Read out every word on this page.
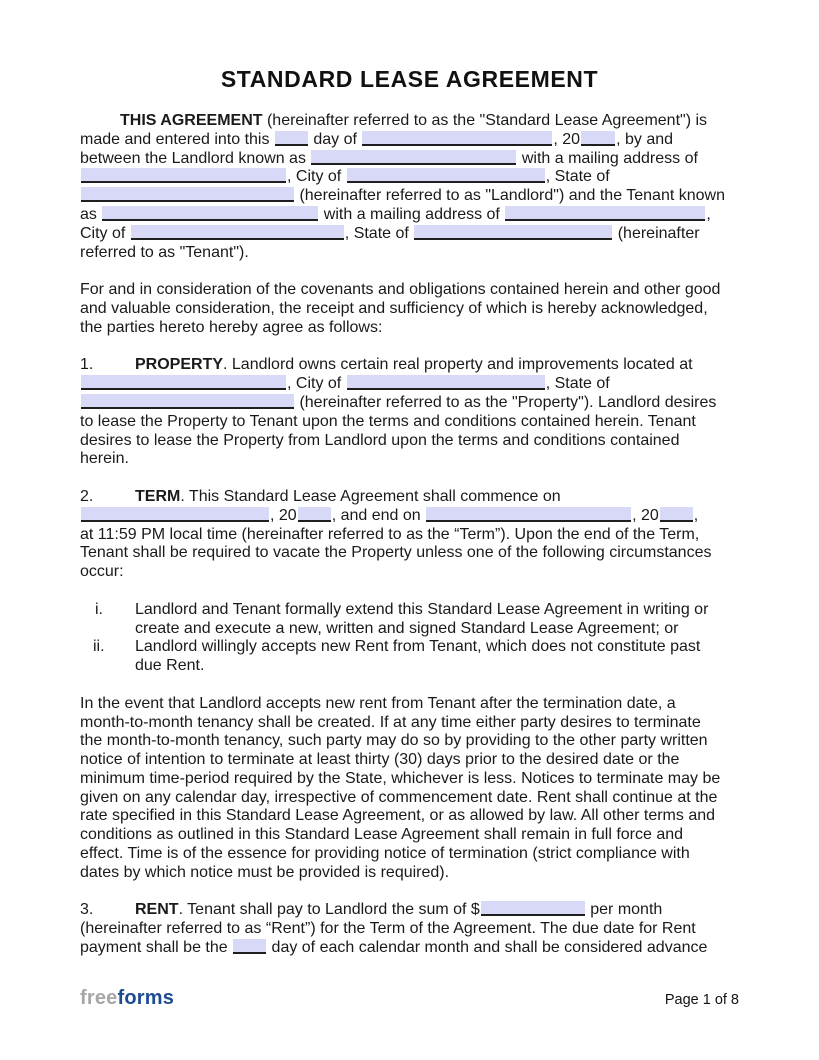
STANDARD LEASE AGREEMENT
THIS AGREEMENT (hereinafter referred to as the "Standard Lease Agreement") is
made and entered into this  day of	, 20 , by and
between the Landlord known as	with a mailing address of
, City of	, State of
(hereinafter referred to as "Landlord") and the Tenant known
as	with a mailing address of	,
City of	, State of	(hereinafter
referred to as "Tenant").
For and in consideration of the covenants and obligations contained herein and other good
and valuable consideration, the receipt and sufficiency of which is hereby acknowledged,
the parties hereto hereby agree as follows:
1.	PROPERTY. Landlord owns certain real property and improvements located at
, City of	, State of
(hereinafter referred to as the "Property"). Landlord desires
to lease the Property to Tenant upon the terms and conditions contained herein. Tenant
desires to lease the Property from Landlord upon the terms and conditions contained
herein.
2.	TERM. This Standard Lease Agreement shall commence on
, 20 , and end on	, 20 ,
at 11:59 PM local time (hereinafter referred to as the “Term”). Upon the end of the Term,
Tenant shall be required to vacate the Property unless one of the following circumstances
occur:
i. Landlord and Tenant formally extend this Standard Lease Agreement in writing or
create and execute a new, written and signed Standard Lease Agreement; or
ii. Landlord willingly accepts new Rent from Tenant, which does not constitute past
due Rent.
In the event that Landlord accepts new rent from Tenant after the termination date, a
month-to-month tenancy shall be created. If at any time either party desires to terminate
the month-to-month tenancy, such party may do so by providing to the other party written
notice of intention to terminate at least thirty (30) days prior to the desired date or the
minimum time-period required by the State, whichever is less. Notices to terminate may be
given on any calendar day, irrespective of commencement date. Rent shall continue at the
rate specified in this Standard Lease Agreement, or as allowed by law. All other terms and
conditions as outlined in this Standard Lease Agreement shall remain in full force and
effect. Time is of the essence for providing notice of termination (strict compliance with
dates by which notice must be provided is required).
3.	RENT. Tenant shall pay to Landlord the sum of $	per month
(hereinafter referred to as “Rent”) for the Term of the Agreement. The due date for Rent
payment shall be the  day of each calendar month and shall be considered advance
freeforms	Page 1 of 8
